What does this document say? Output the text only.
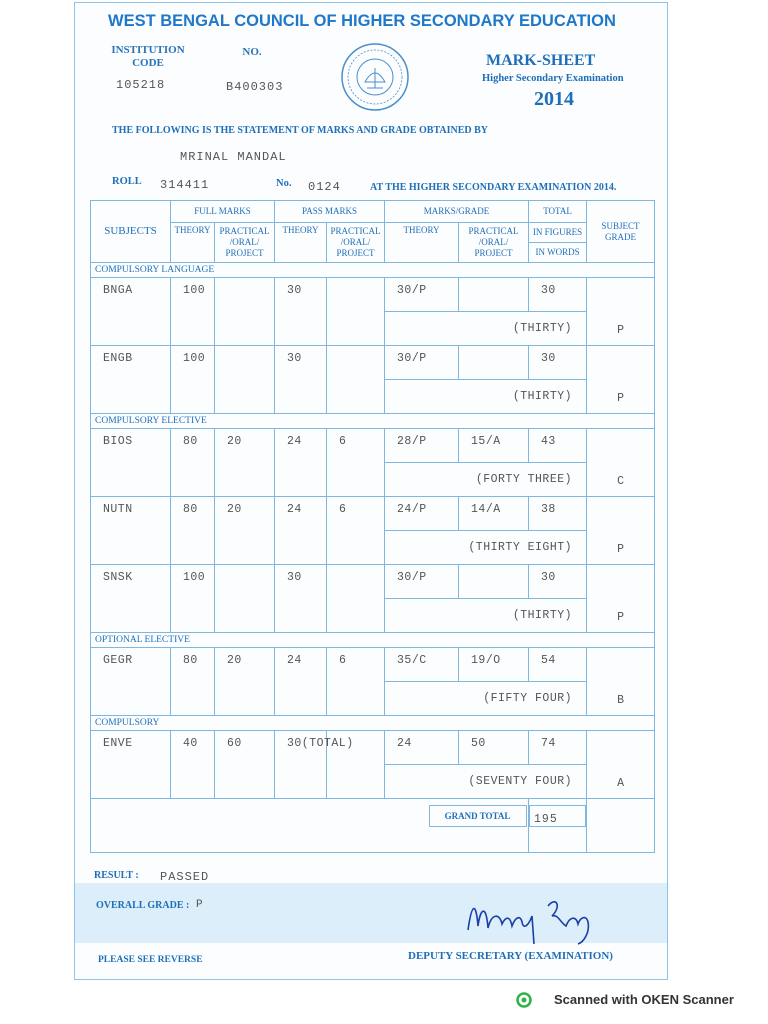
WEST BENGAL COUNCIL OF HIGHER SECONDARY EDUCATION
INSTITUTION CODE
NO.
105218	B400303
MARK-SHEET
Higher Secondary Examination
2014
THE FOLLOWING IS THE STATEMENT OF MARKS AND GRADE OBTAINED BY
MRINAL MANDAL
ROLL 314411	No. 0124	AT THE HIGHER SECONDARY EXAMINATION 2014.
SUBJECTS	FULL MARKS		PASS MARKS		MARKS/GRADE		TOTAL	SUBJECT GRADE
	THEORY	PRACTICAL /ORAL/ PROJECT	THEORY	PRACTICAL /ORAL/ PROJECT	THEORY	PRACTICAL /ORAL/ PROJECT	IN FIGURES	
							IN WORDS	
COMPULSORY LANGUAGE								
BNGA	100		30		30/P		30	P
					(THIRTY)			
ENGB	100		30		30/P		30	P
					(THIRTY)			
COMPULSORY ELECTIVE								
BIOS	80	20	24	6	28/P	15/A	43	C
					(FORTY THREE)			
NUTN	80	20	24	6	24/P	14/A	38	P
					(THIRTY EIGHT)			
SNSK	100		30		30/P		30	P
					(THIRTY)			
OPTIONAL ELECTIVE								
GEGR	80	20	24	6	35/C	19/O	54	B
					(FIFTY FOUR)			
COMPULSORY								
ENVE	40	60	30(TOTAL)		24	50	74	A
					(SEVENTY FOUR)			

					GRAND TOTAL		195	

RESULT : PASSED
OVERALL GRADE : P
PLEASE SEE REVERSE	DEPUTY SECRETARY (EXAMINATION)
Scanned with OKEN Scanner
